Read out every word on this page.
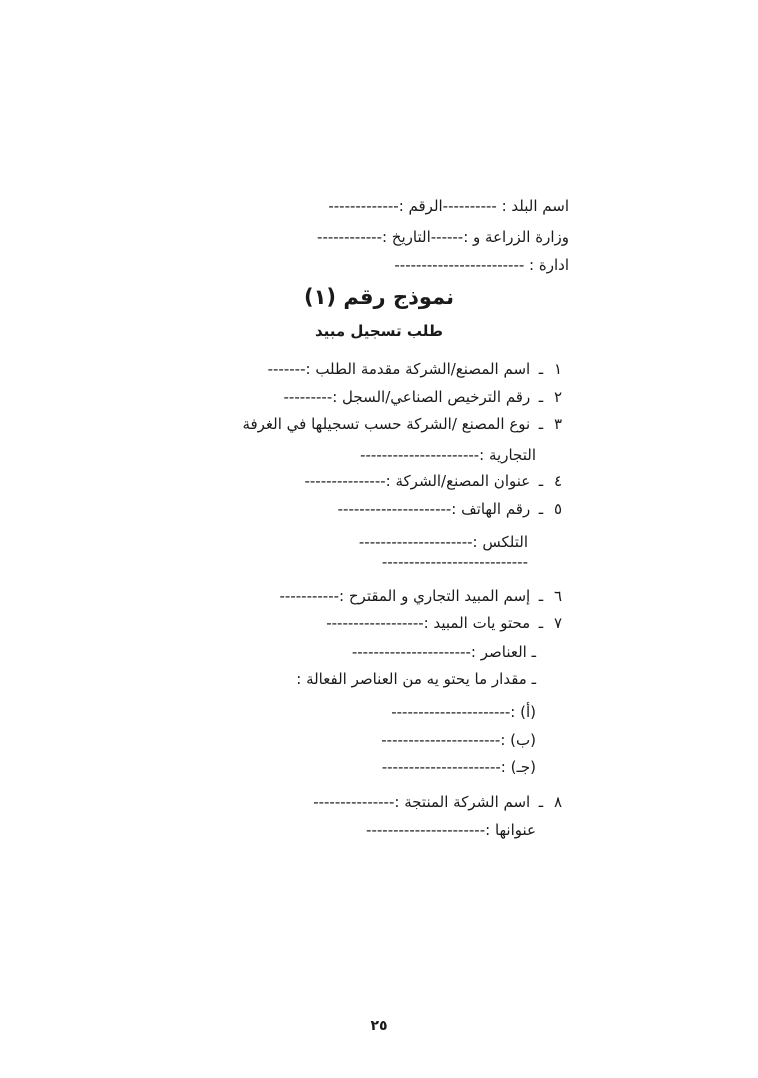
اسم البلد : ----------الرقم :-------------
وزارة الزراعة و :------التاريخ :------------
ادارة : ------------------------
نموذج رقم (١)
طلب تسجيل مبيد
١ـ اسم المصنع/الشركة مقدمة الطلب :-------
٢ـ رقم الترخيص الصناعي/السجل :---------
٣ـ نوع المصنع /الشركة حسب تسجيلها في الغرفة
التجارية :----------------------
٤ـ عنوان المصنع/الشركة :---------------
٥ـ رقم الهاتف :---------------------
التلكس :---------------------
---------------------------
٦ـ إسم المبيد التجاري و المقترح :-----------
٧ـ محتو يات المبيد :------------------
ـ العناصر :----------------------
ـ مقدار ما يحتو يه من العناصر الفعالة :
(أ) :----------------------
(ب) :----------------------
(جـ) :----------------------
٨ـ اسم الشركة المنتجة :---------------
عنوانها :----------------------
٢٥
